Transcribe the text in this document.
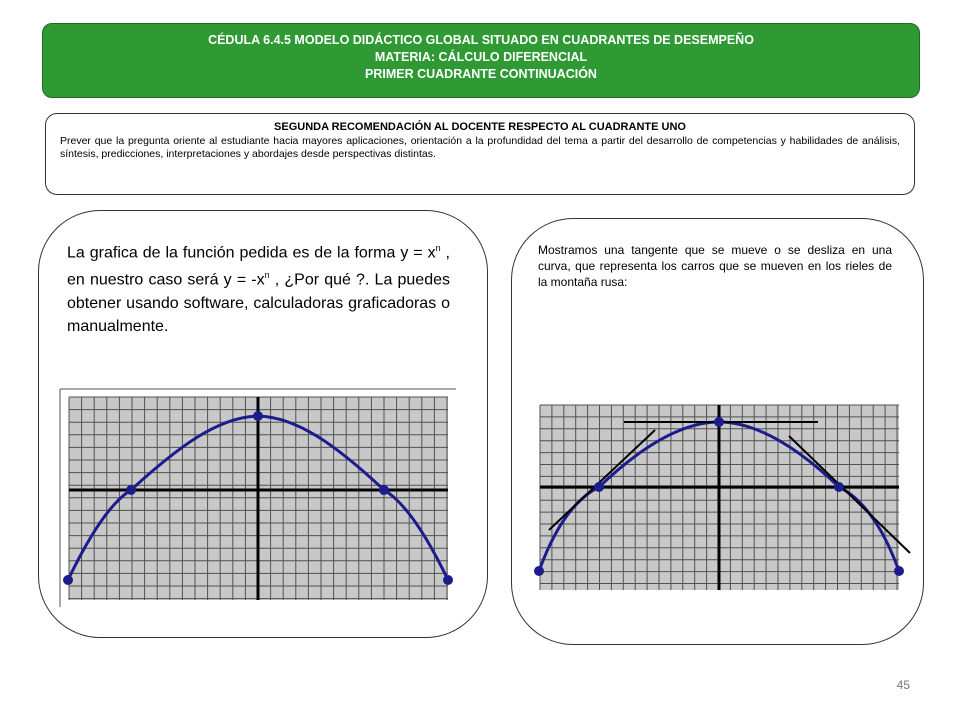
CÉDULA 6.4.5 MODELO DIDÁCTICO GLOBAL SITUADO EN CUADRANTES DE DESEMPEÑO
MATERIA: CÁLCULO DIFERENCIAL
PRIMER CUADRANTE CONTINUACIÓN
SEGUNDA RECOMENDACIÓN AL DOCENTE RESPECTO AL CUADRANTE UNO
Prever que la pregunta oriente al estudiante hacia mayores aplicaciones, orientación a la profundidad del tema a partir del desarrollo de competencias y habilidades de análisis, síntesis, predicciones, interpretaciones y abordajes desde perspectivas distintas.
La grafica de la función pedida es de la forma $y = x^n$ , en nuestro caso será $y = -x^n$ , ¿Por qué ?. La puedes obtener usando software, calculadoras graficadoras o manualmente.
Mostramos una tangente que se mueve o se desliza en una curva, que representa los carros que se mueven en los rieles de la montaña rusa:
45
